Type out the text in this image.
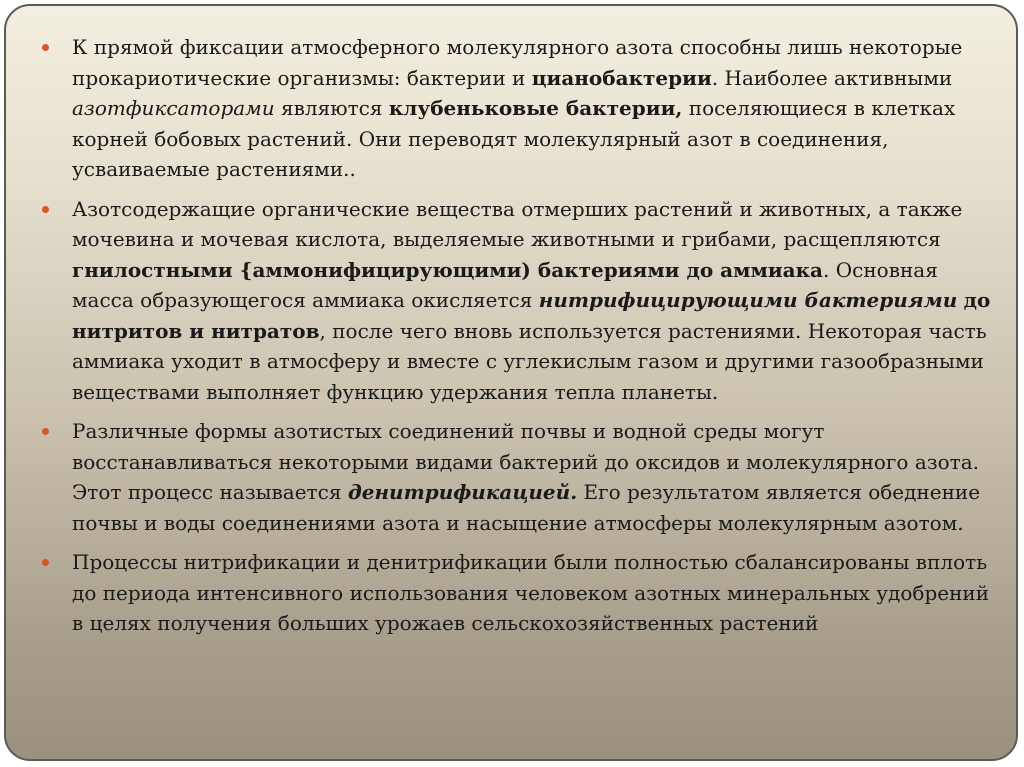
К прямой фиксации атмосферного молекулярного азота способны лишь некоторые прокариотические организмы: бактерии и цианобактерии. Наиболее активными азотфиксаторами являются клубеньковые бактерии, поселяющиеся в клетках корней бобовых растений. Они переводят молекулярный азот в соединения, усваиваемые растениями..

Азотсодержащие органические вещества отмерших растений и животных, а также мочевина и мочевая кислота, выделяемые животными и грибами, расщепляются гнилостными {аммонифицирующими) бактериями до аммиака. Основная масса образующегося аммиака окисляется нитрифицирующими бактериями до нитритов и нитратов, после чего вновь используется растениями. Некоторая часть аммиака уходит в атмосферу и вместе с углекислым газом и другими газообразными веществами выполняет функцию удержания тепла планеты.

Различные формы азотистых соединений почвы и водной среды могут восстанавливаться некоторыми видами бактерий до оксидов и молекулярного азота. Этот процесс называется денитрификацией. Его результатом является обеднение почвы и воды соединениями азота и насыщение атмосферы молекулярным азотом.

Процессы нитрификации и денитрификации были полностью сбалансированы вплоть до периода интенсивного использования человеком азотных минеральных удобрений в целях получения больших урожаев сельскохозяйственных растений
